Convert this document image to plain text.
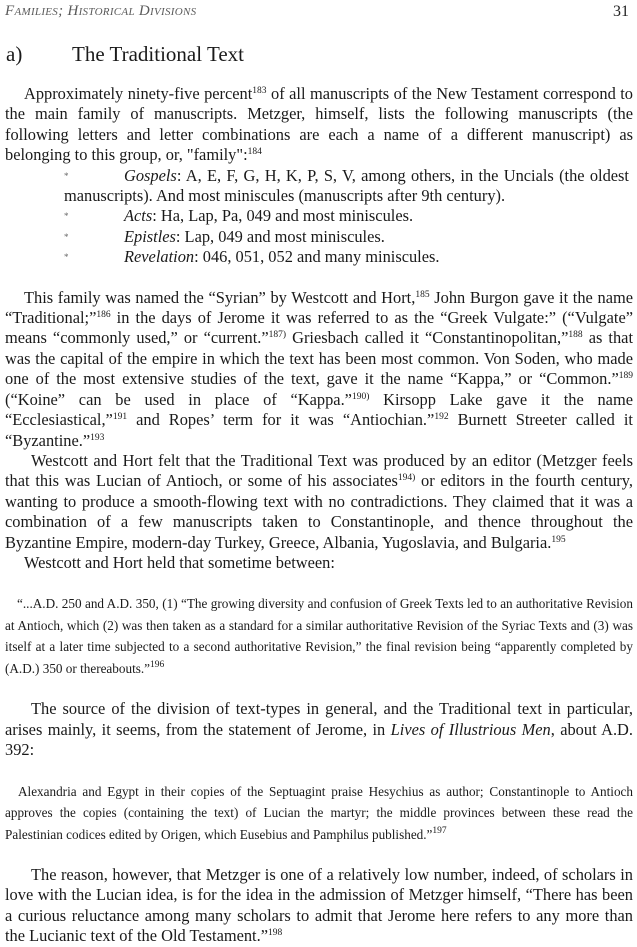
Families; Historical Divisions	31
a) The Traditional Text

Approximately ninety-five percent$^{183}$ of all manuscripts of the New Testament correspond to the main family of manuscripts. Metzger, himself, lists the following manuscripts (the following letters and letter combinations are each a name of a different manuscript) as belonging to this group, or, "family":$^{184}$

*	Gospels: A, E, F, G, H, K, P, S, V, among others, in the Uncials (the oldest manuscripts). And most miniscules (manuscripts after 9th century).
*	Acts: Ha, Lap, Pa, 049 and most miniscules.
*	Epistles: Lap, 049 and most miniscules.
*	Revelation: 046, 051, 052 and many miniscules.

This family was named the “Syrian” by Westcott and Hort,$^{185}$ John Burgon gave it the name “Traditional;”$^{186}$ in the days of Jerome it was referred to as the “Greek Vulgate:” (“Vulgate” means “commonly used,” or “current.”$^{187)}$ Griesbach called it “Constantinopolitan,”$^{188}$ as that was the capital of the empire in which the text has been most common. Von Soden, who made one of the most extensive studies of the text, gave it the name “Kappa,” or “Common.”$^{189}$ (“Koine” can be used in place of “Kappa.”$^{190)}$ Kirsopp Lake gave it the name “Ecclesiastical,”$^{191}$ and Ropes’ term for it was “Antiochian.”$^{192}$ Burnett Streeter called it “Byzantine.”$^{193}$

Westcott and Hort felt that the Traditional Text was produced by an editor (Metzger feels that this was Lucian of Antioch, or some of his associates$^{194)}$ or editors in the fourth century, wanting to produce a smooth-flowing text with no contradictions. They claimed that it was a combination of a few manuscripts taken to Constantinople, and thence throughout the Byzantine Empire, modern-day Turkey, Greece, Albania, Yugoslavia, and Bulgaria.$^{195}$

Westcott and Hort held that sometime between:

“...A.D. 250 and A.D. 350, (1) “The growing diversity and confusion of Greek Texts led to an authoritative Revision at Antioch, which (2) was then taken as a standard for a similar authoritative Revision of the Syriac Texts and (3) was itself at a later time subjected to a second authoritative Revision,” the final revision being “apparently completed by (A.D.) 350 or thereabouts.”$^{196}$

The source of the division of text-types in general, and the Traditional text in particular, arises mainly, it seems, from the statement of Jerome, in Lives of Illustrious Men, about A.D. 392:

Alexandria and Egypt in their copies of the Septuagint praise Hesychius as author; Constantinople to Antioch approves the copies (containing the text) of Lucian the martyr; the middle provinces between these read the Palestinian codices edited by Origen, which Eusebius and Pamphilus published.”$^{197}$

The reason, however, that Metzger is one of a relatively low number, indeed, of scholars in love with the Lucian idea, is for the idea in the admission of Metzger himself, “There has been a curious reluctance among many scholars to admit that Jerome here refers to any more than the Lucianic text of the Old Testament.”$^{198}$
